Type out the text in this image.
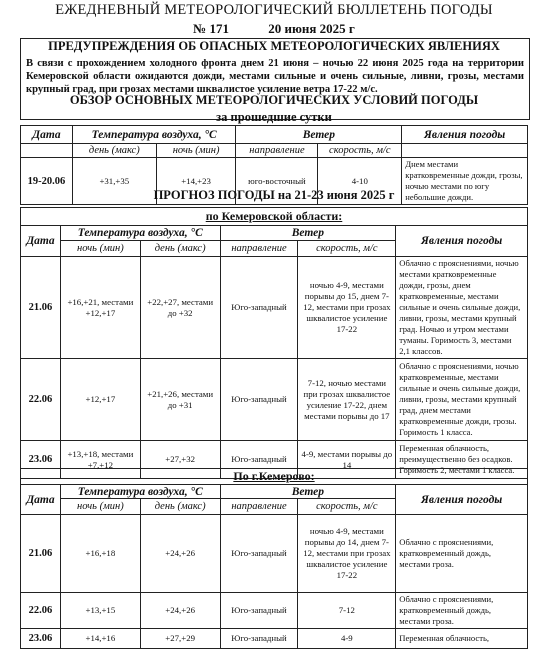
ЕЖЕДНЕВНЫЙ МЕТЕОРОЛОГИЧЕСКИЙ БЮЛЛЕТЕНЬ ПОГОДЫ
№ 171	20 июня 2025 г
ПРЕДУПРЕЖДЕНИЯ ОБ ОПАСНЫХ МЕТЕОРОЛОГИЧЕСКИХ ЯВЛЕНИЯХ
В связи с прохождением холодного фронта днем 21 июня – ночью 22 июня 2025 года на территории Кемеровской области ожидаются дожди, местами сильные и очень сильные, ливни, грозы, местами крупный град, при грозах местами шквалистое усиление ветра 17-22 м/с.
ОБЗОР ОСНОВНЫХ МЕТЕОРОЛОГИЧЕСКИХ УСЛОВИЙ ПОГОДЫ
за прошедшие сутки
Дата	Температура воздуха, °С		Ветер		Явления погоды
	день (макс)	ночь (мин)	направление	скорость, м/с	
19-20.06	+31,+35	+14,+23	юго-восточный	4-10	Днем местами кратковременные дожди, грозы, ночью местами по югу небольшие дожди.
ПРОГНОЗ ПОГОДЫ на 21-23 июня 2025 г
по Кемеровской области:					
Дата	Температура воздуха, °С		Ветер		Явления погоды
	ночь (мин)	день (макс)	направление	скорость, м/с	
21.06	+16,+21, местами +12,+17	+22,+27, местами до +32	Юго-западный	ночью 4-9, местами порывы до 15, днем 7-12, местами при грозах шквалистое усиление 17-22	Облачно с прояснениями, ночью местами кратковременные дожди, грозы, днем кратковременные, местами сильные и очень сильные дожди, ливни, грозы, местами крупный град. Ночью и утром местами туманы. Горимость 3, местами 2,1 классов.
22.06	+12,+17	+21,+26, местами до +31	Юго-западный	7-12, ночью местами при грозах шквалистое усиление 17-22, днем местами порывы до 17	Облачно с прояснениями, ночью кратковременные, местами сильные и очень сильные дожди, ливни, грозы, местами крупный град, днем местами кратковременные дожди, грозы. Горимость 1 класса.
23.06	+13,+18, местами +7,+12	+27,+32	Юго-западный	4-9, местами порывы до 14	Переменная облачность, преимущественно без осадков. Горимость 2, местами 1 класса.
По г.Кемерово:					
Дата	Температура воздуха, °С		Ветер		Явления погоды
	ночь (мин)	день (макс)	направление	скорость, м/с	
21.06	+16,+18	+24,+26	Юго-западный	ночью 4-9, местами порывы до 14, днем 7-12, местами при грозах шквалистое усиление 17-22	Облачно с прояснениями, кратковременный дождь, местами гроза.
22.06	+13,+15	+24,+26	Юго-западный	7-12	Облачно с прояснениями, кратковременный дождь, местами гроза.
23.06	+14,+16	+27,+29	Юго-западный	4-9	Переменная облачность,
